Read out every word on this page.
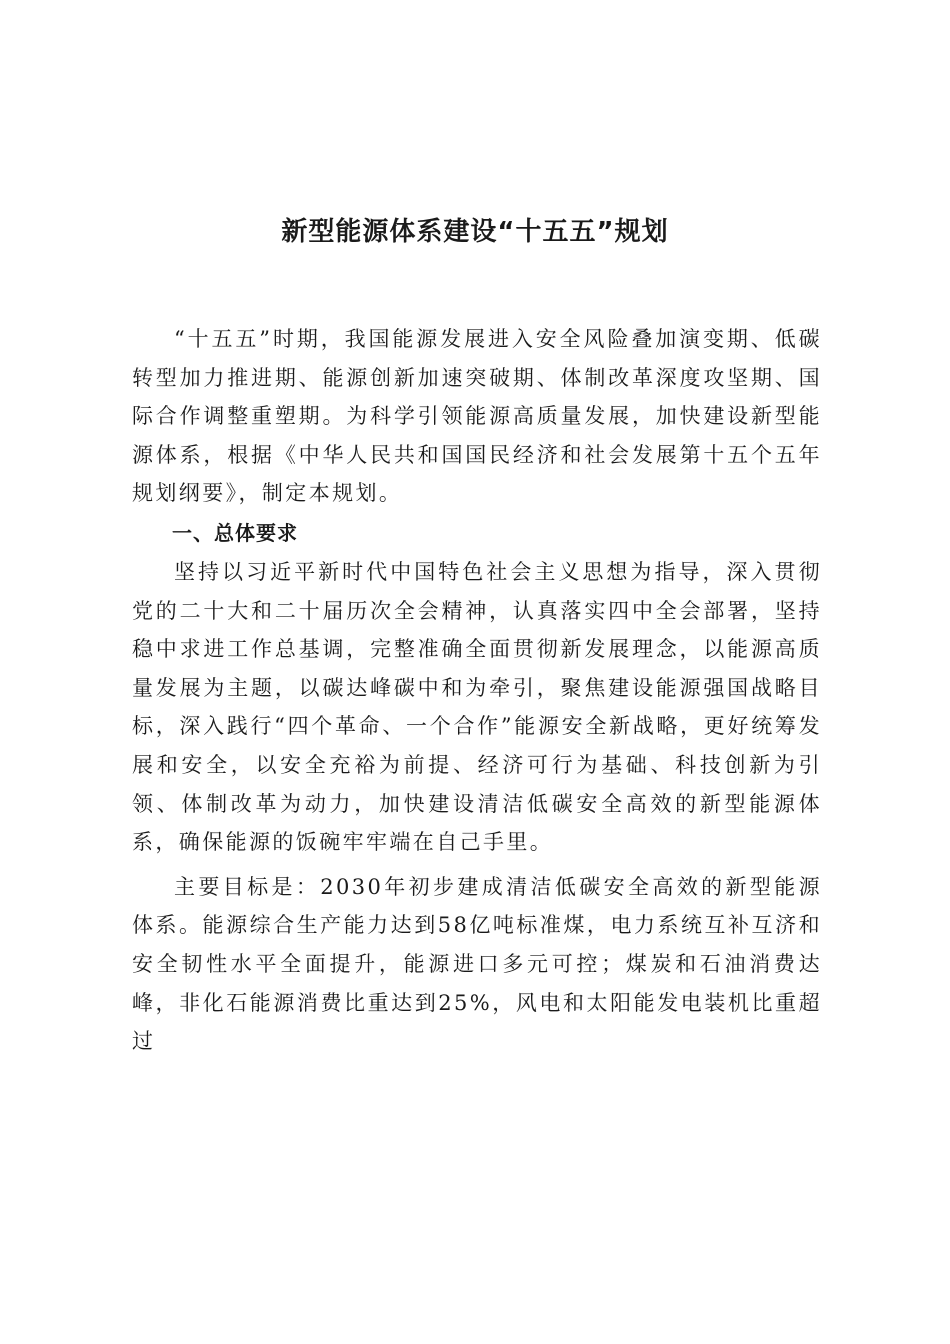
新型能源体系建设“十五五”规划

“十五五”时期，我国能源发展进入安全风险叠加演变期、低碳转型加力推进期、能源创新加速突破期、体制改革深度攻坚期、国际合作调整重塑期。为科学引领能源高质量发展，加快建设新型能源体系，根据《中华人民共和国国民经济和社会发展第十五个五年规划纲要》，制定本规划。

一、总体要求

坚持以习近平新时代中国特色社会主义思想为指导，深入贯彻党的二十大和二十届历次全会精神，认真落实四中全会部署，坚持稳中求进工作总基调，完整准确全面贯彻新发展理念，以能源高质量发展为主题，以碳达峰碳中和为牵引，聚焦建设能源强国战略目标，深入践行“四个革命、一个合作”能源安全新战略，更好统筹发展和安全，以安全充裕为前提、经济可行为基础、科技创新为引领、体制改革为动力，加快建设清洁低碳安全高效的新型能源体系，确保能源的饭碗牢牢端在自己手里。

主要目标是：2030年初步建成清洁低碳安全高效的新型能源体系。能源综合生产能力达到58亿吨标准煤，电力系统互补互济和安全韧性水平全面提升，能源进口多元可控；煤炭和石油消费达峰，非化石能源消费比重达到25%，风电和太阳能发电装机比重超过
